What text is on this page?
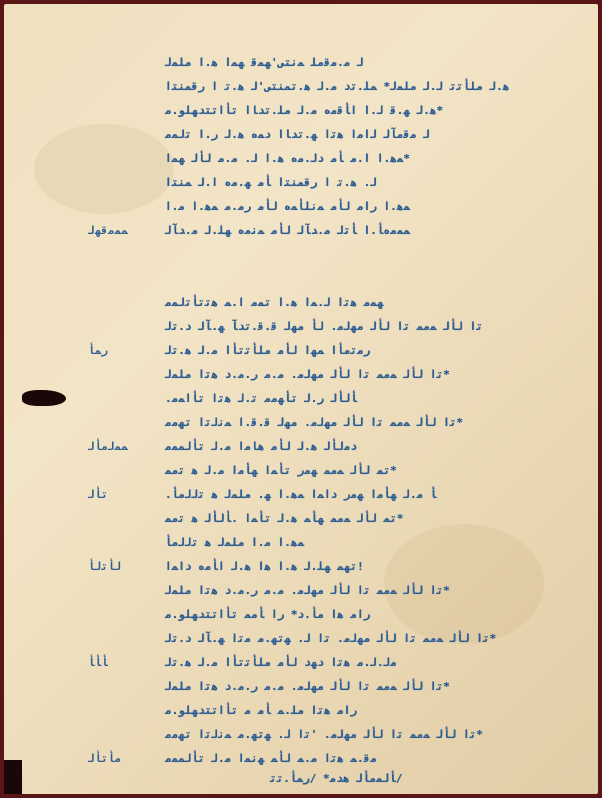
ﻟ ﻣ.ﻣﻗﻣﻠ ﻤﻧﺘﻰ'ﻬﻤﻗ ﻬﻤﺍ ﻫ.ﺍ ﻣﻠﻤﻟ
ﻫ.ﻟ ﻣﻠﺄﺗﺗ ﻟ.ﻟ ﻣﻠﻤﻟ* ﻤﻠ.ﺗﺩ ﻣ.ﻟ ﻫ.ﺗﻤﻨﺘﻰ'ﻟ ﻫ.ﺗ ﺍ ﺭﻗﻤﻨﺘﺍ
ﻫ.ﻟ ﻬ.ﻗ ﻟ.ﺍ ﺍﺄﻗﻣﻩ ﻣ.ﻟ ﻣﻠ.ﺗﺪﺎﺍ ﺗﺄﺍﺗﺘﺪﻬﻠﻮ.ﻣ*
ﻟ ﻣﻗﻣﺂﻟ ﻟﺍﻣﺍ ﻫﺗﺍ ﻬ.ﺗﺪﺎﺍ ﺩﻤﻩ ﻫ.ﻟ ﺭ.ﺍ ﺗﻟﻤﻣ
ﻤﻫ.ﺍ ﺍ.ﻣ ﺄﻣ ﺩﻟ.ﻣﻩ ﻫ.ﺍ ﻟ. ﻣ.ﻣ ﻟﺄﻟ ﻬﻤﺍ*
ﻟ. ﻫ.ﺗ ﺍ ﺭﻗﻤﻨﺘﺍ ﺄﻣ ﻬ.ﻣﻩ ﺍ.ﻟ ﻤﻨﺘﺍ
ﻤﻫ.ﺍ ﺭﺍﻣ ﻟﺄﻣ ﻤﻧﻠﺄﻤﻩ ﻟﺄﻣ ﺭﻣ.ﻣ ﻤﻫ.ﺍ ﻣ.ﺍ
ﻤﻤﻣﻩﺄ.ﺍ ﺄﺗﻟ ﻣ.ﺪﺂﻟ ﻟﺄﻣ ﻤﻧﻣﻩ ﻬﻠ.ﻟ ﻣ.ﺪﺂﻟ
ﻬﻤﻣ ﻫﺗﺍ ﻟ.ﻤﺍ ﻫ.ﺍ ﺗﻤﻣ ﺍ.ﻤ ﻫﺗﺗﺄﺗﻟﻤﻣ
ﺗﺍ ﻟﺄﻟ ﻤﻣﻤ ﺗﺍ ﻟﺄﻟ ﻣﻬﻟﻣ. ﻟﺄ ﻣﻬﻟ ﻗ.ﻗ.ﺗﺪﺂ ﻬ.ﺂﻟ ﺩ.ﺗﻟ
ﺭﻣﺗﻣﺄﺍ ﻤﻬﺍ ﻟﺄﻣ ﻣﻠﺄﺗﺗﺄﺍ ﻣ.ﻟ ﻫ.ﺗﻟ
ﺗﺍ ﻟﺄﻟ ﻤﻣﻤ ﺗﺍ ﻟﺄﻟ ﻣﻬﻟﻣ. ﻣ.ﻣ ﺭ.ﻣ.ﺩ ﻫﺗﺍ ﻣﻠﻤﻟ*
.ﺄﻟﺄﻟ ﺭ.ﻟ ﺗﺄﻬﻣﻣ ﺗ.ﻟ ﻫﺗﺍ ﺗﺄﺍﻤﻣ
ﺗﺍ ﻟﺄﻟ ﻤﻣﻤ ﺗﺍ ﻟﺄﻟ ﻣﻬﻟﻣ. ﻣﻬﻟ ﻗ.ﻗ.ﺍ ﻤﻧﻟﺗﺍ ﺗﻬﻣﻣ*
ﺩﻣﻟﺄﻟ ﻫ.ﻟ ﻟﺄﻣ ﻫﺎﻣﺍ ﻣ.ﻟ ﺗﺄﻟﻤﻤﻣ
ﺗﻤ ﻟﺄﻟ ﻤﻣﻤ ﻬﻣﺭ ﺗﺄﻤﺍ ﻬﺄﻣﺍ ﻣ.ﻟ ﻫ ﺗﻣﻤ*
.ﺄ ﻣ.ﻟ ﻬﺄﻣﺍ ﻬﻣﺭ ﺩﺍﻤﺍ ﻤﻫ.ﺍ ﻬ. ﻣﻠﻤﻟ ﻫ ﺗﻟﻟﻣﺄ
ﺗﻤ ﻟﺄﻟ ﻤﻣﻤ ﻬﺄﻤ ﻫ.ﻟ ﺗﺄﻤﺍ .ﺄﻟﺄﻟ ﻫ ﺗﻣﻤ*
ﻤﻫ.ﺍ ﻣ.ﺍ ﻣﻠﻤﻟ ﻫ ﺗﻟﻟﻣﺄ
ﺗﻬﻤ ﻬﻠ.ﻟ ﻫ.ﺍ ﻫﺍ ﻫ.ﻟ ﺍﺄﻣﻩ ﺩﺍﻤﺍ!
ﺗﺍ ﻟﺄﻟ ﻤﻣﻤ ﺗﺍ ﻟﺄﻟ ﻣﻬﻟﻣ. ﻣ.ﻣ ﺭ.ﻣ.ﺩ ﻫﺗﺍ ﻣﻠﻤﻟ*
ﺭﺍﻣ ﻫﺍ ﻣﺄ.ﺩ* ﺭﺍ ﺄﻣﻤ ﺗﺄﺍﺗﺘﺪﻬﻠﻮ.ﻣ
ﺗﺍ ﻟﺄﻟ ﻤﻣﻤ ﺗﺍ ﻟﺄﻟ ﻣﻬﻟﻣ. ﺗﺍ ﻟ. ﻬﺗﻬ.ﻣ ﻣﺗﺍ ﻬ.ﺂﻟ ﺩ.ﺗﻟ*
ﻣﻟ.ﻟ.ﻣ ﻫﺗﺍ ﺩﻬﺩ ﻟﺄﻣ ﻣﻠﺄﺗﺗﺄﺍ ﻣ.ﻟ ﻫ.ﺗﻟ
ﺗﺍ ﻟﺄﻟ ﻤﻣﻤ ﺗﺍ ﻟﺄﻟ ﻣﻬﻟﻣ. ﻣ.ﻣ ﺭ.ﻣ.ﺩ ﻫﺗﺍ ﻣﻠﻤﻟ*
ﺭﺍﻣ ﻫﺗﺍ ﻣﻠ.ﻤ ﺄﻣ ﻣ ﺗﺄﺍﺗﺘﺪﻬﻠﻮ.ﻣ
ﺗﺍ ﻟﺄﻟ ﻤﻣﻤ ﺗﺍ ﻟﺄﻟ ﻣﻬﻟﻣ. 'ﺗﺍ ﻟ. ﻬﺗﻬ.ﻣ ﻤﻧﻟﺗﺍ ﺗﻬﻣﻣ*
ﻣﻗ.ﻤ ﻫﺗﺍ ﻣ.ﻤ ﻟﺄﻤ ﻬﻧﻤﺍ ﻣ.ﻟ ﺗﺄﻟﻤﻤﻣ
ﺄﻟﻤﻣﺄﻟ ﻫﺪﻣ* /ﺭﻤﺄ.ﺗﺗ/
ﻤﻤﻣﻗﻬﻟ
ﺭﻤﺄ
ﻤﻤﻟﻣﺄﻟ
ﺗﺄﻟ
ﻟﺄﺗﻟﺄ
ﺄﺄﺄ
ﻣﺄﺗﺄﻟ
